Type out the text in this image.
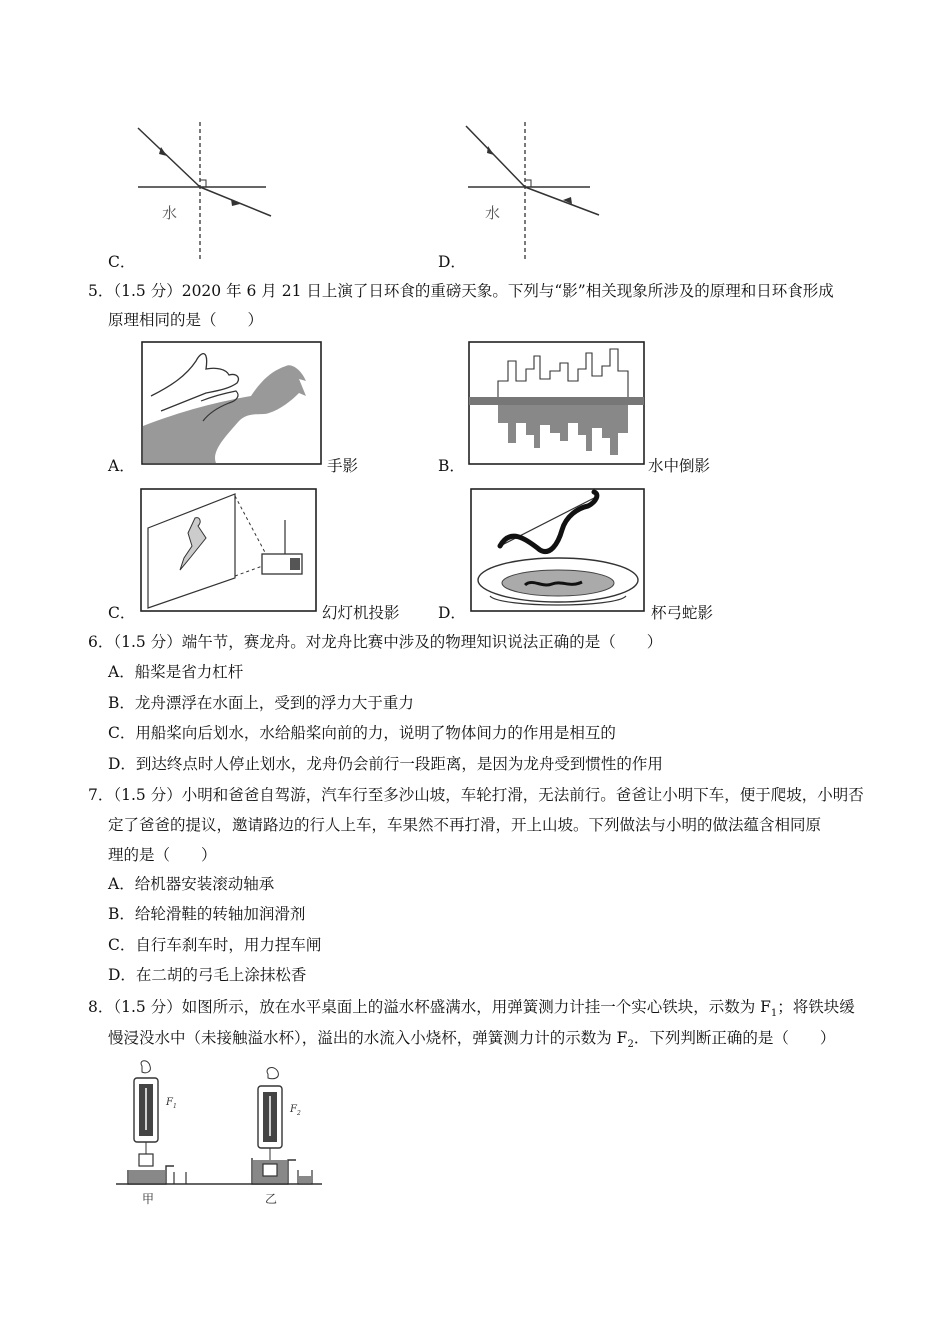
水
C．
水
D．
5．（1.5 分）2020 年 6 月 21 日上演了日环食的重磅天象。下列与“影”相关现象所涉及的原理和日环食形成
原理相同的是（　　）
A．	手影	B．	水中倒影
C．	幻灯机投影 D．	杯弓蛇影
6．（1.5 分）端午节，赛龙舟。对龙舟比赛中涉及的物理知识说法正确的是（　　）
A．船桨是省力杠杆
B．龙舟漂浮在水面上，受到的浮力大于重力
C．用船桨向后划水，水给船桨向前的力，说明了物体间力的作用是相互的
D．到达终点时人停止划水，龙舟仍会前行一段距离，是因为龙舟受到惯性的作用
7．（1.5 分）小明和爸爸自驾游，汽车行至多沙山坡，车轮打滑，无法前行。爸爸让小明下车，便于爬坡，小明否
定了爸爸的提议，邀请路边的行人上车，车果然不再打滑，开上山坡。下列做法与小明的做法蕴含相同原
理的是（　　）
A．给机器安装滚动轴承
B．给轮滑鞋的转轴加润滑剂
C．自行车刹车时，用力捏车闸
D．在二胡的弓毛上涂抹松香
8．（1.5 分）如图所示，放在水平桌面上的溢水杯盛满水，用弹簧测力计挂一个实心铁块，示数为 $F_1$；将铁块缓
慢浸没水中（未接触溢水杯），溢出的水流入小烧杯，弹簧测力计的示数为 $F_2$．下列判断正确的是（　　）
$F_1$
甲
$F_2$
乙
